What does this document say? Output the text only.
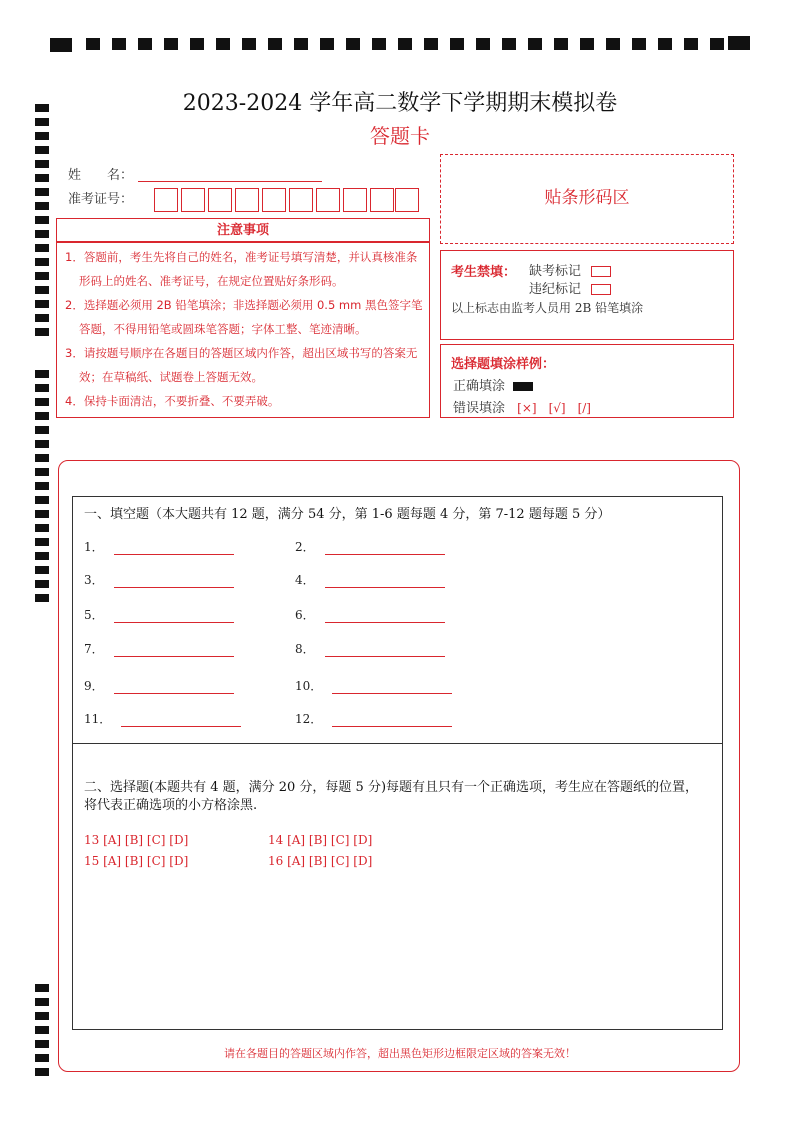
2023-2024 学年高二数学下学期期末模拟卷
答题卡
姓　　名：
准考证号：
注意事项
1．答题前，考生先将自己的姓名，准考证号填写清楚，并认真核准条形码上的姓名、准考证号，在规定位置贴好条形码。
2．选择题必须用 2B 铅笔填涂；非选择题必须用 0.5 mm 黑色签字笔答题，不得用铅笔或圆珠笔答题；字体工整、笔迹清晰。
3．请按题号顺序在各题目的答题区域内作答，超出区域书写的答案无效；在草稿纸、试题卷上答题无效。
4．保持卡面清洁，不要折叠、不要弄破。
贴条形码区
考生禁填： 缺考标记
违纪标记
以上标志由监考人员用 2B 铅笔填涂
选择题填涂样例：
正确填涂
错误填涂 [×]　[√]　[/]
一、填空题（本大题共有 12 题，满分 54 分，第 1-6 题每题 4 分，第 7-12 题每题 5 分）
1．	2．
3．	4．
5．	6．
7．	8．
9．	10．
11．	12．
二、选择题(本题共有 4 题，满分 20 分，每题 5 分)每题有且只有一个正确选项，考生应在答题纸的位置，
将代表正确选项的小方格涂黑.
13 [A] [B] [C] [D]	14 [A] [B] [C] [D]
15 [A] [B] [C] [D]	16 [A] [B] [C] [D]
请在各题目的答题区域内作答，超出黑色矩形边框限定区域的答案无效！
